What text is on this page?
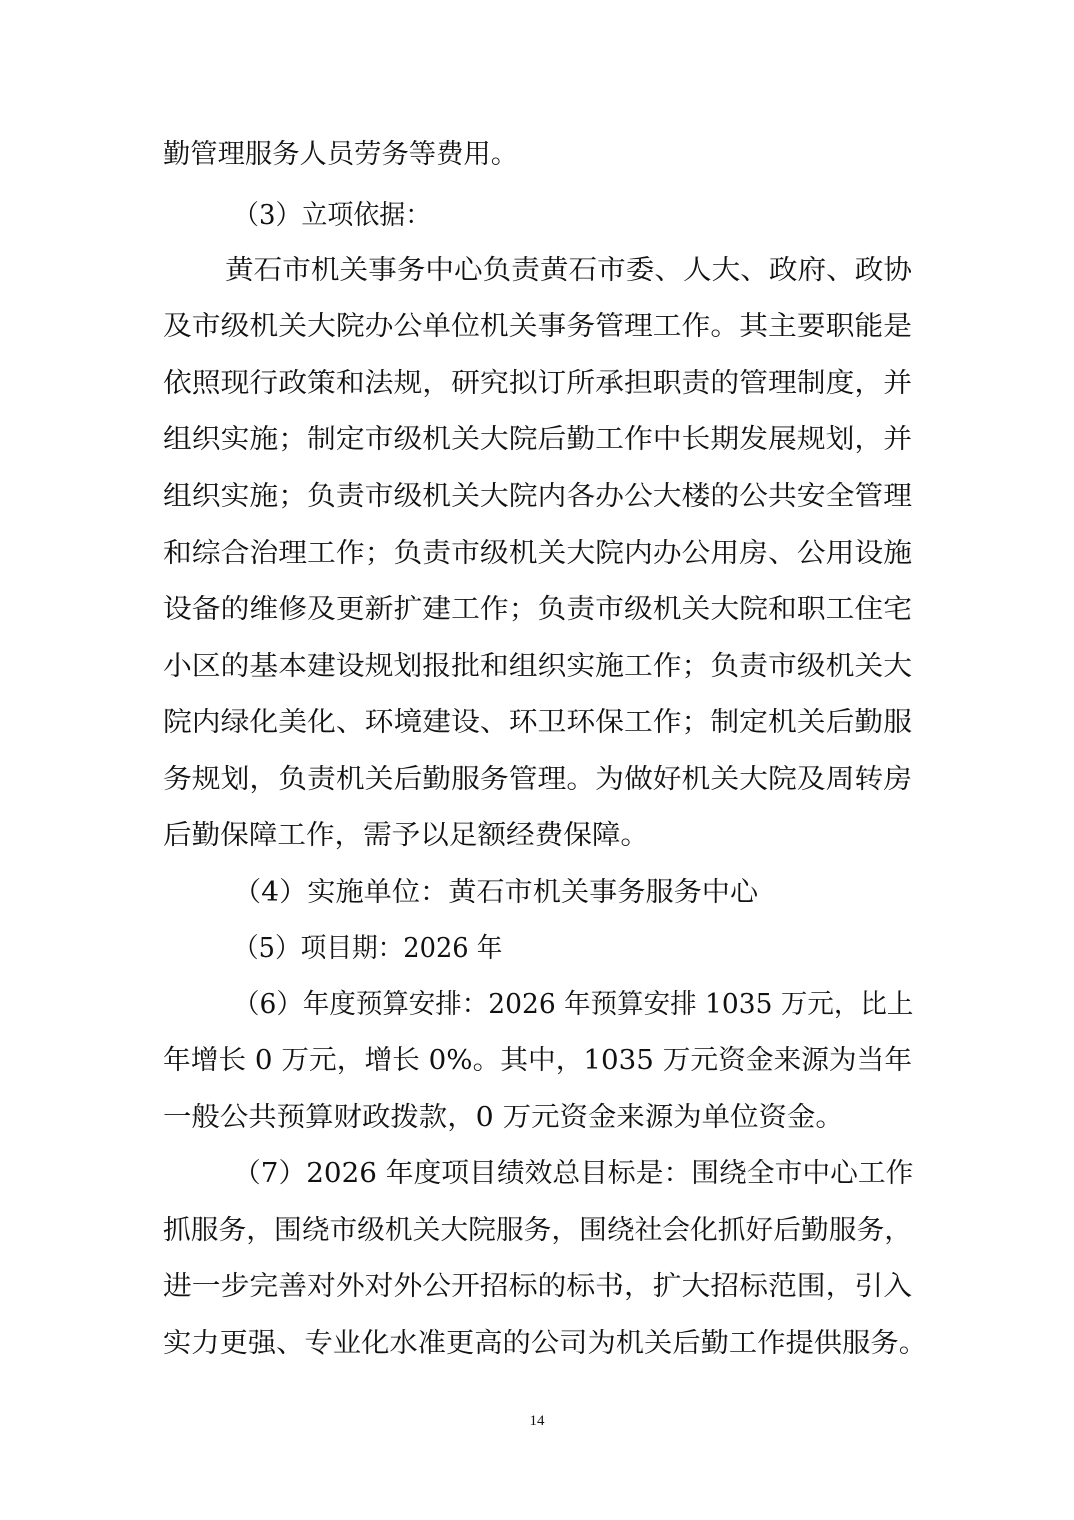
勤管理服务人员劳务等费用。
（3）立项依据：
黄石市机关事务中心负责黄石市委、人大、政府、政协
及市级机关大院办公单位机关事务管理工作。其主要职能是
依照现行政策和法规，研究拟订所承担职责的管理制度，并
组织实施；制定市级机关大院后勤工作中长期发展规划，并
组织实施；负责市级机关大院内各办公大楼的公共安全管理
和综合治理工作；负责市级机关大院内办公用房、公用设施
设备的维修及更新扩建工作；负责市级机关大院和职工住宅
小区的基本建设规划报批和组织实施工作；负责市级机关大
院内绿化美化、环境建设、环卫环保工作；制定机关后勤服
务规划，负责机关后勤服务管理。为做好机关大院及周转房
后勤保障工作，需予以足额经费保障。
（4）实施单位：黄石市机关事务服务中心
（5）项目期：2026 年
（6）年度预算安排：2026 年预算安排 1035 万元，比上
年增长 0 万元，增长 0%。其中，1035 万元资金来源为当年
一般公共预算财政拨款，0 万元资金来源为单位资金。
（7）2026 年度项目绩效总目标是：围绕全市中心工作
抓服务，围绕市级机关大院服务，围绕社会化抓好后勤服务，
进一步完善对外对外公开招标的标书，扩大招标范围，引入
实力更强、专业化水准更高的公司为机关后勤工作提供服务。
14
